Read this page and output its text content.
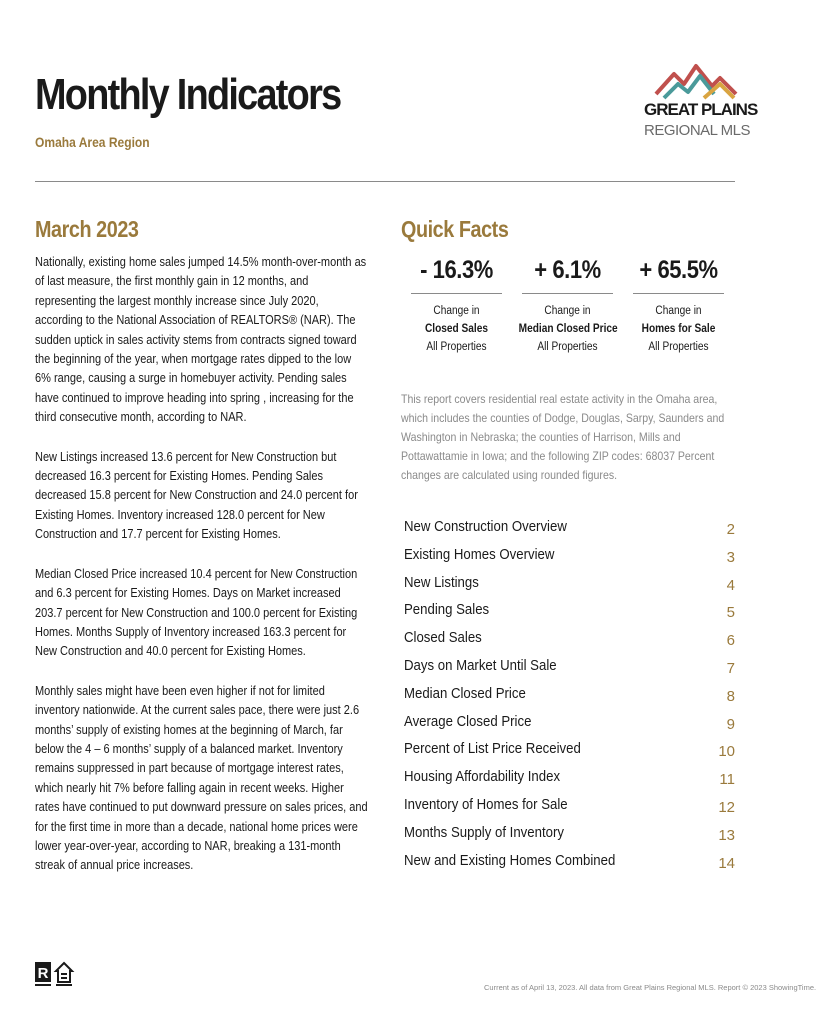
Monthly Indicators
Omaha Area Region
GREAT PLAINS
REGIONAL MLS
March 2023

Nationally, existing home sales jumped 14.5% month-over-month as of last measure, the first monthly gain in 12 months, and representing the largest monthly increase since July 2020, according to the National Association of REALTORS® (NAR). The sudden uptick in sales activity stems from contracts signed toward the beginning of the year, when mortgage rates dipped to the low 6% range, causing a surge in homebuyer activity. Pending sales have continued to improve heading into spring , increasing for the third consecutive month, according to NAR.

New Listings increased 13.6 percent for New Construction but decreased 16.3 percent for Existing Homes. Pending Sales decreased 15.8 percent for New Construction and 24.0 percent for Existing Homes. Inventory increased 128.0 percent for New Construction and 17.7 percent for Existing Homes.

Median Closed Price increased 10.4 percent for New Construction and 6.3 percent for Existing Homes. Days on Market increased 203.7 percent for New Construction and 100.0 percent for Existing Homes. Months Supply of Inventory increased 163.3 percent for New Construction and 40.0 percent for Existing Homes.

Monthly sales might have been even higher if not for limited inventory nationwide. At the current sales pace, there were just 2.6 months’ supply of existing homes at the beginning of March, far below the 4 – 6 months’ supply of a balanced market. Inventory remains suppressed in part because of mortgage interest rates, which nearly hit 7% before falling again in recent weeks. Higher rates have continued to put downward pressure on sales prices, and for the first time in more than a decade, national home prices were lower year-over-year, according to NAR, breaking a 131-month streak of annual price increases.

Quick Facts
- 16.3%
Change in
Closed Sales
All Properties
+ 6.1%
Change in
Median Closed Price
All Properties
+ 65.5%
Change in
Homes for Sale
All Properties

This report covers residential real estate activity in the Omaha area, which includes the counties of Dodge, Douglas, Sarpy, Saunders and Washington in Nebraska; the counties of Harrison, Mills and Pottawattamie in Iowa; and the following ZIP codes: 68037 Percent changes are calculated using rounded figures.

New Construction Overview	2
Existing Homes Overview	3
New Listings	4
Pending Sales	5
Closed Sales	6
Days on Market Until Sale	7
Median Closed Price	8
Average Closed Price	9
Percent of List Price Received	10
Housing Affordability Index	11
Inventory of Homes for Sale	12
Months Supply of Inventory	13
New and Existing Homes Combined	14
R
Current as of April 13, 2023. All data from Great Plains Regional MLS. Report © 2023 ShowingTime.
